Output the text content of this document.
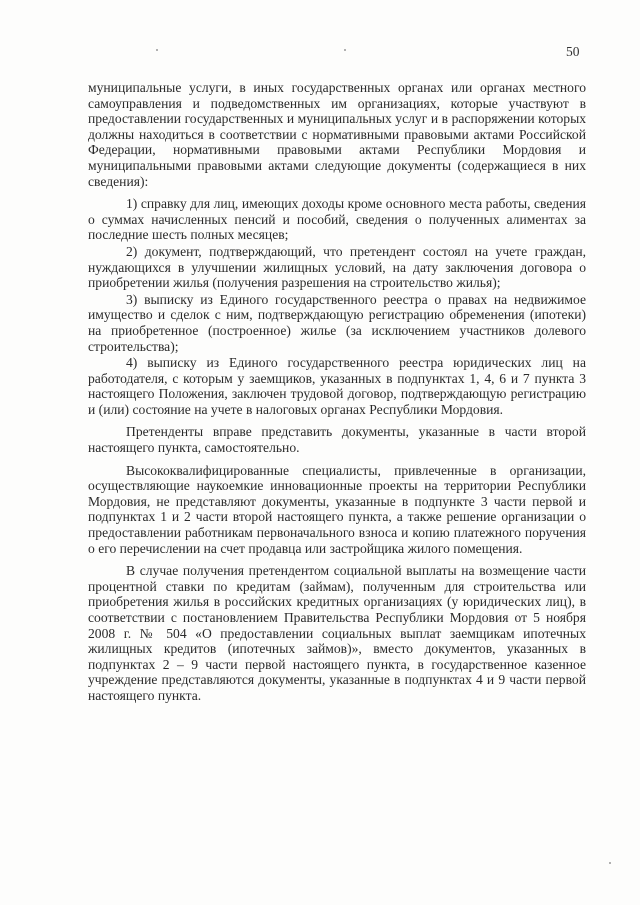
50

муниципальные услуги, в иных государственных органах или органах местного самоуправления и подведомственных им организациях, которые участвуют в предоставлении государственных и муниципальных услуг и в распоряжении которых должны находиться в соответствии с нормативными правовыми актами Российской Федерации, нормативными правовыми актами Республики Мордовия и муниципальными правовыми актами следующие документы (содержащиеся в них сведения):

1) справку для лиц, имеющих доходы кроме основного места работы, сведения о суммах начисленных пенсий и пособий, сведения о полученных алиментах за последние шесть полных месяцев;

2) документ, подтверждающий, что претендент состоял на учете граждан, нуждающихся в улучшении жилищных условий, на дату заключения договора о приобретении жилья (получения разрешения на строительство жилья);

3) выписку из Единого государственного реестра о правах на недвижимое имущество и сделок с ним, подтверждающую регистрацию обременения (ипотеки) на приобретенное (построенное) жилье (за исключением участников долевого строительства);

4) выписку из Единого государственного реестра юридических лиц на работодателя, с которым у заемщиков, указанных в подпунктах 1, 4, 6 и 7 пункта 3 настоящего Положения, заключен трудовой договор, подтверждающую регистрацию и (или) состояние на учете в налоговых органах Республики Мордовия.

Претенденты вправе представить документы, указанные в части второй настоящего пункта, самостоятельно.

Высококвалифицированные специалисты, привлеченные в организации, осуществляющие наукоемкие инновационные проекты на территории Республики Мордовия, не представляют документы, указанные в подпункте 3 части первой и подпунктах 1 и 2 части второй настоящего пункта, а также решение организации о предоставлении работникам первоначального взноса и копию платежного поручения о его перечислении на счет продавца или застройщика жилого помещения.

В случае получения претендентом социальной выплаты на возмещение части процентной ставки по кредитам (займам), полученным для строительства или приобретения жилья в российских кредитных организациях (у юридических лиц), в соответствии с постановлением Правительства Республики Мордовия от 5 ноября 2008 г. № 504 «О предоставлении социальных выплат заемщикам ипотечных жилищных кредитов (ипотечных займов)», вместо документов, указанных в подпунктах 2 – 9 части первой настоящего пункта, в государственное казенное учреждение представляются документы, указанные в подпунктах 4 и 9 части первой настоящего пункта.
